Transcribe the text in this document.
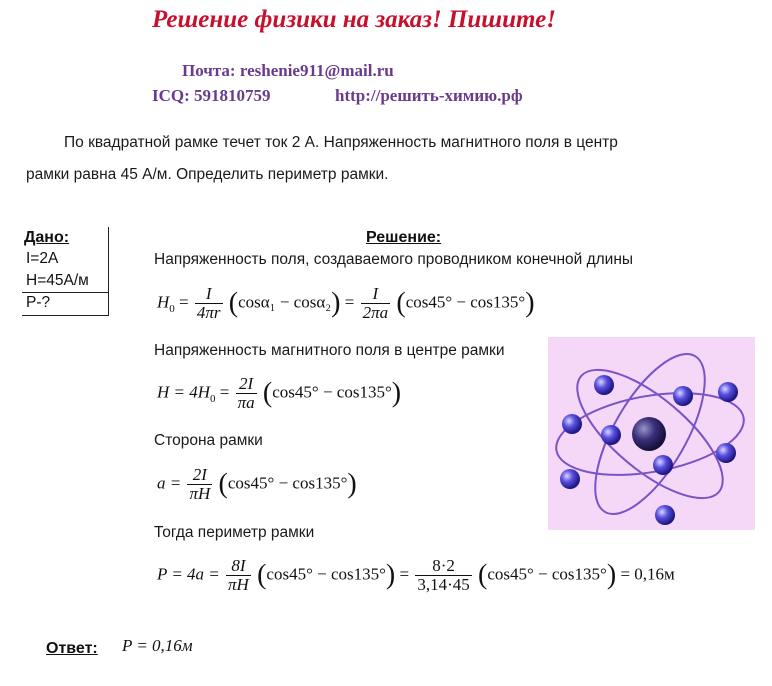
Решение физики на заказ! Пишите!
Почта: reshenie911@mail.ru
ICQ: 591810759	http://решить-химию.рф
По квадратной рамке течет ток 2 А. Напряженность магнитного поля в центр
рамки равна 45 А/м. Определить периметр рамки.
Дано:
I=2A
H=45A/м
P-?
Решение:
Напряженность поля, создаваемого проводником конечной длины
$H_0 = \frac{I}{4\pi r} (\cos\alpha_1 - \cos\alpha_2) = \frac{I}{2\pi a} (\cos 45^\circ - \cos 135^\circ)$
Напряженность магнитного поля в центре рамки
$H = 4H_0 = \frac{2I}{\pi a} (\cos 45^\circ - \cos 135^\circ)$
Сторона рамки
$a = \frac{2I}{\pi H} (\cos 45^\circ - \cos 135^\circ)$
Тогда периметр рамки
$P = 4a = \frac{8I}{\pi H} (\cos 45^\circ - \cos 135^\circ) = \frac{8\cdot 2}{3,14\cdot 45} (\cos 45^\circ - \cos 135^\circ) = 0,16м$
Ответ: P = 0,16м
